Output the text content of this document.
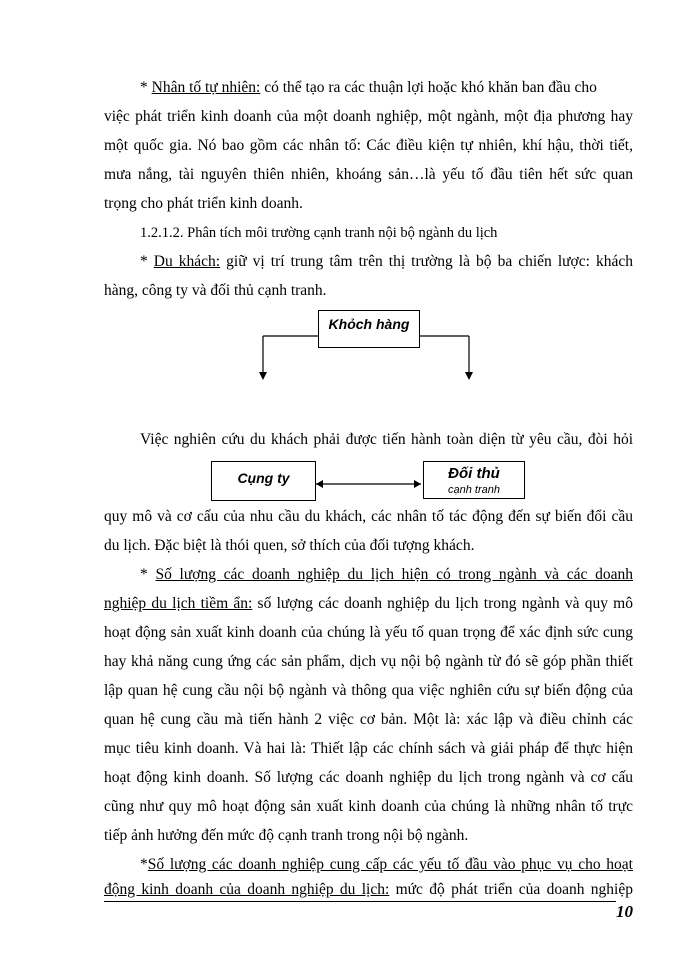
* Nhân tố tự nhiên: có thể tạo ra các thuận lợi hoặc khó khăn ban đầu cho
việc phát triển kinh doanh của một doanh nghiệp, một ngành, một địa phương hay
một quốc gia. Nó bao gồm các nhân tố: Các điều kiện tự nhiên, khí hậu, thời tiết,
mưa nắng, tài nguyên thiên nhiên, khoáng sản…là yếu tố đầu tiên hết sức quan
trọng cho phát triển kinh doanh.
1.2.1.2. Phân tích môi trường cạnh tranh nội bộ ngành du lịch
* Du khách: giữ vị trí trung tâm trên thị trường là bộ ba chiến lược: khách
hàng, công ty và đối thủ cạnh tranh.
Khỏch hàng
Cụng ty	Đối thủ
cạnh tranh
Việc nghiên cứu du khách phải được tiến hành toàn diện từ yêu cầu, đòi hỏi
quy mô và cơ cấu của nhu cầu du khách, các nhân tố tác động đến sự biến đổi cầu
du lịch. Đặc biệt là thói quen, sở thích của đối tượng khách.
* Số lượng các doanh nghiệp du lịch hiện có trong ngành và các doanh
nghiệp du lịch tiềm ẩn: số lượng các doanh nghiệp du lịch trong ngành và quy mô
hoạt động sản xuất kinh doanh của chúng là yếu tố quan trọng để xác định sức cung
hay khả năng cung ứng các sản phẩm, dịch vụ nội bộ ngành từ đó sẽ góp phần thiết
lập quan hệ cung cầu nội bộ ngành và thông qua việc nghiên cứu sự biến động của
quan hệ cung cầu mà tiến hành 2 việc cơ bản. Một là: xác lập và điều chỉnh các
mục tiêu kinh doanh. Và hai là: Thiết lập các chính sách và giải pháp để thực hiện
hoạt động kinh doanh. Số lượng các doanh nghiệp du lịch trong ngành và cơ cấu
cũng như quy mô hoạt động sản xuất kinh doanh của chúng là những nhân tố trực
tiếp ảnh hưởng đến mức độ cạnh tranh trong nội bộ ngành.
*Số lượng các doanh nghiệp cung cấp các yếu tố đầu vào phục vụ cho hoạt
động kinh doanh của doanh nghiệp du lịch: mức độ phát triển của doanh nghiệp
10
